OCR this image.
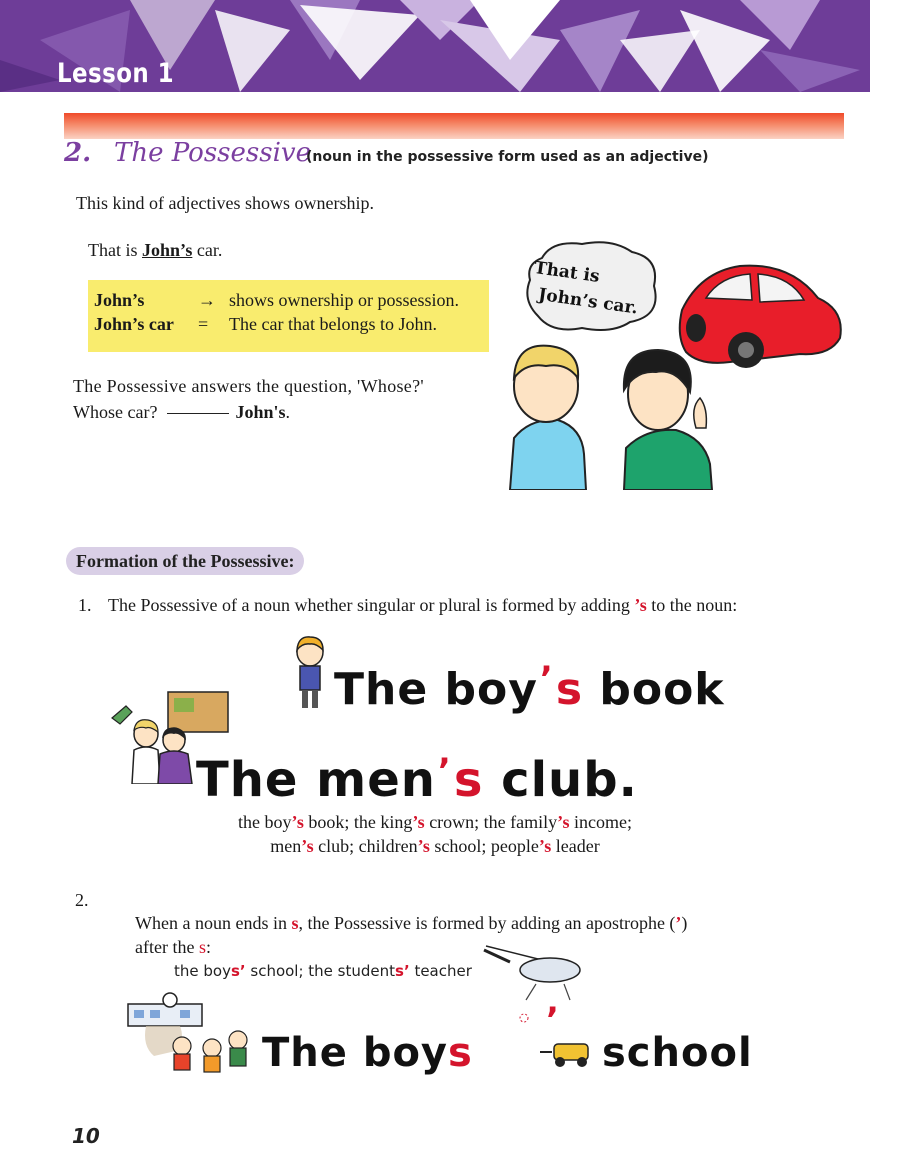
Lesson 1
2. The Possessive
(noun in the possessive form used as an adjective)
This kind of adjectives shows ownership.
That is John’s car.
John’s	→ shows ownership or possession.
John’s car = The car that belongs to John.
The Possessive answers the question, 'Whose?'
Whose car?	John's.
That is
John’s car.
Formation of the Possessive:
1. The Possessive of a noun whether singular or plural is formed by adding ’s to the noun:
The boy’s book
The men’s club.
the boy’s book; the king’s crown; the family’s income;
men’s club; children’s school; people’s leader
2.
When a noun ends in s, the Possessive is formed by adding an apostrophe (’)
after the s:
the boys’ school; the students’ teacher
The boys
’
school
10
